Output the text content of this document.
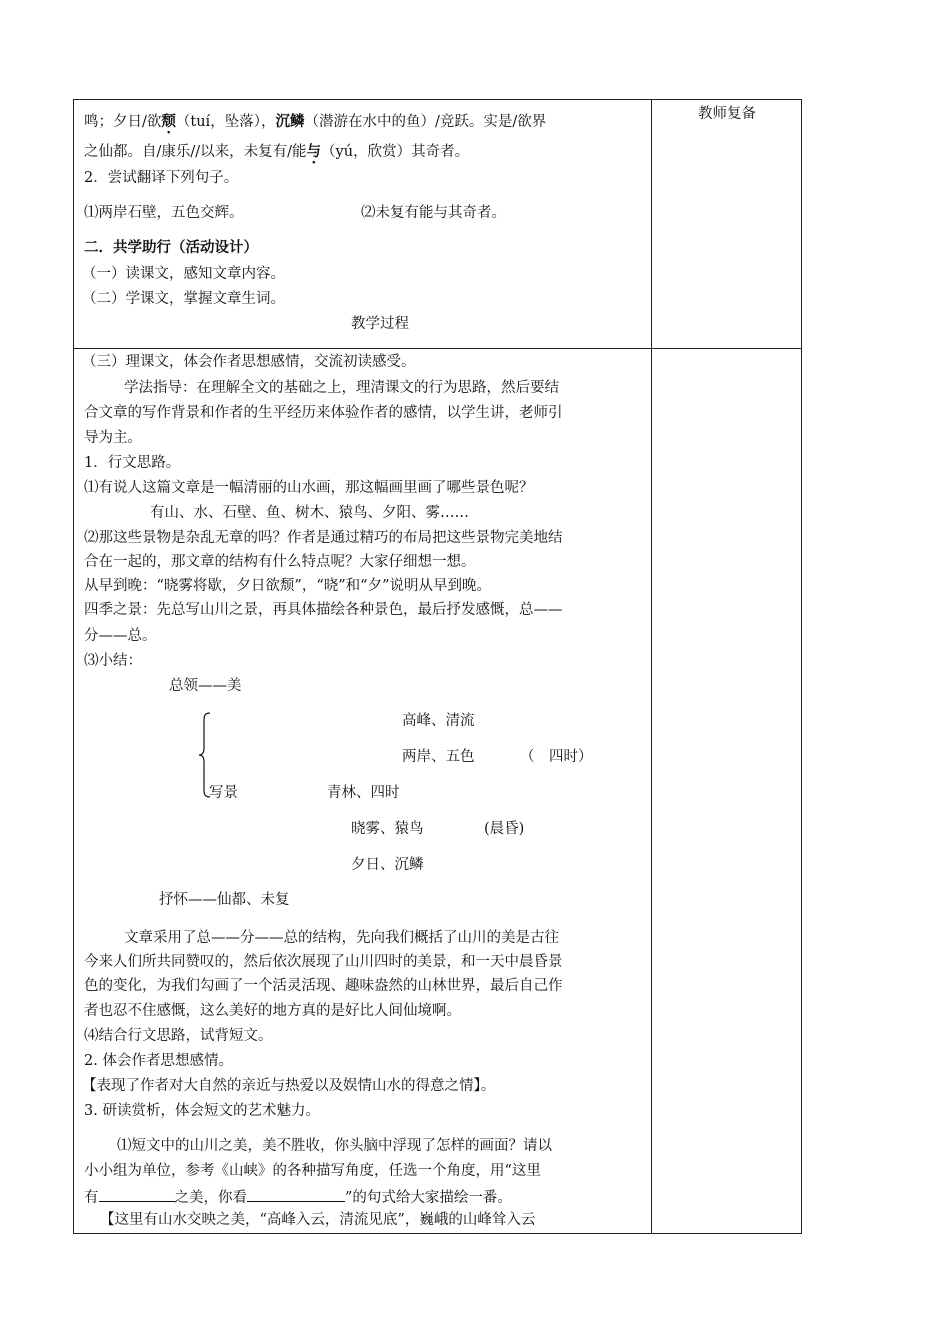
教师复备
鸣；夕日/欲颓（tuí，坠落），沉鳞（潜游在水中的鱼）/竞跃。实是/欲界
之仙都。自/康乐//以来，未复有/能与（yú，欣赏）其奇者。
2．尝试翻译下列句子。
⑴两岸石壁，五色交辉。	⑵未复有能与其奇者。
二．共学助行（活动设计）
（一）读课文，感知文章内容。
（二）学课文，掌握文章生词。
教学过程
（三）理课文，体会作者思想感情，交流初读感受。
学法指导：在理解全文的基础之上，理清课文的行为思路，然后要结
合文章的写作背景和作者的生平经历来体验作者的感情，以学生讲，老师引
导为主。
1．行文思路。
⑴有说人这篇文章是一幅清丽的山水画，那这幅画里画了哪些景色呢？
有山、水、石壁、鱼、树木、猿鸟、夕阳、雾……
⑵那这些景物是杂乱无章的吗？作者是通过精巧的布局把这些景物完美地结
合在一起的，那文章的结构有什么特点呢？大家仔细想一想。
从早到晚：“晓雾将歇，夕日欲颓”，“晓”和“夕”说明从早到晚。
四季之景：先总写山川之景，再具体描绘各种景色，最后抒发感慨，总——
分——总。
⑶小结：
总领——美
高峰、清流
两岸、五色	（　四时）
写景	青林、四时
晓雾、猿鸟	(晨昏)
夕日、沉鳞
抒怀——仙都、未复
文章采用了总——分——总的结构，先向我们概括了山川的美是古往
今来人们所共同赞叹的，然后依次展现了山川四时的美景，和一天中晨昏景
色的变化，为我们勾画了一个活灵活现、趣味盎然的山林世界，最后自己作
者也忍不住感慨，这么美好的地方真的是好比人间仙境啊。
⑷结合行文思路，试背短文。
2. 体会作者思想感情。
【表现了作者对大自然的亲近与热爱以及娱情山水的得意之情】。
3. 研读赏析，体会短文的艺术魅力。
⑴短文中的山川之美，美不胜收，你头脑中浮现了怎样的画面？请以
小小组为单位，参考《山峡》的各种描写角度，任选一个角度，用“这里
有	之美，你看	”的句式给大家描绘一番。
【这里有山水交映之美，“高峰入云，清流见底”，巍峨的山峰耸入云
